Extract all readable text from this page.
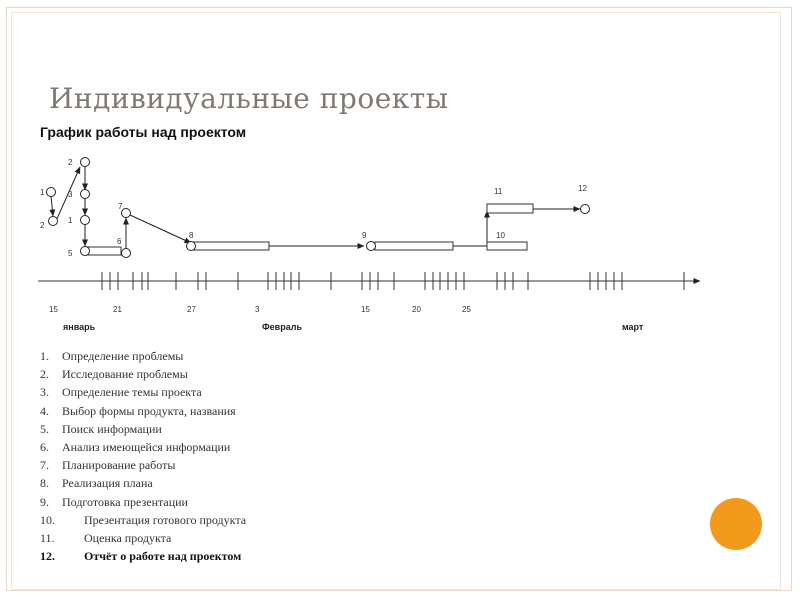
Индивидуальные проекты
График работы над проектом
15	21	27	3	15	20	25
январь	Февраль	март
1
2
3
1
2
5
6
7
8	9	10
11	12
1. Определение проблемы
2. Исследование проблемы
3. Определение темы проекта
4. Выбор формы продукта, названия
5. Поиск информации
6. Анализ имеющейся информации
7. Планирование работы
8. Реализация плана
9. Подготовка презентации
10. Презентация готового продукта
11. Оценка продукта
12. Отчёт о работе над проектом
